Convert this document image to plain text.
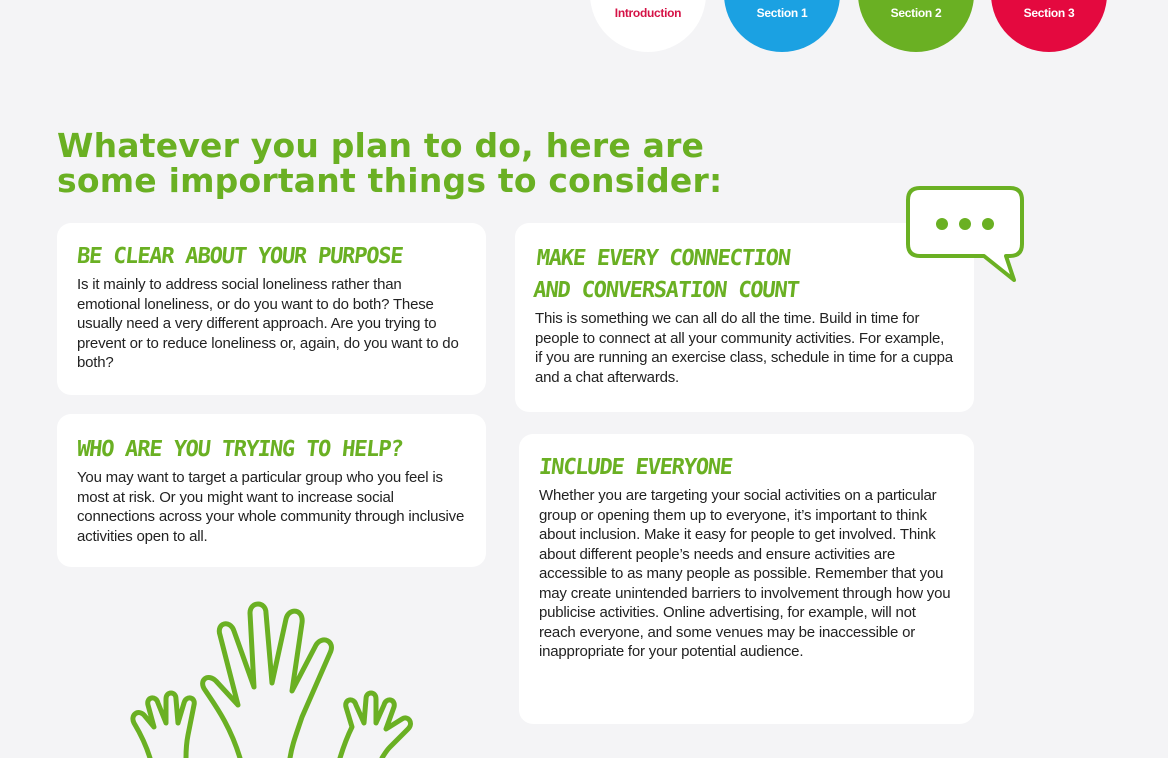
Introduction	Section 1	Section 2	Section 3
Whatever you plan to do, here are
some important things to consider:
BE CLEAR ABOUT YOUR PURPOSE

Is it mainly to address social loneliness rather than emotional loneliness, or do you want to do both? These usually need a very different approach. Are you trying to prevent or to reduce loneliness or, again, do you want to do both?

MAKE EVERY CONNECTION
AND CONVERSATION COUNT

This is something we can all do all the time. Build in time for people to connect at all your community activities. For example, if you are running an exercise class, schedule in time for a cuppa and a chat afterwards.

WHO ARE YOU TRYING TO HELP?

You may want to target a particular group who you feel is most at risk. Or you might want to increase social connections across your whole community through inclusive activities open to all.

INCLUDE EVERYONE

Whether you are targeting your social activities on a particular group or opening them up to everyone, it’s important to think about inclusion. Make it easy for people to get involved. Think about different people’s needs and ensure activities are accessible to as many people as possible. Remember that you may create unintended barriers to involvement through how you publicise activities. Online advertising, for example, will not reach everyone, and some venues may be inaccessible or inappropriate for your potential audience.
